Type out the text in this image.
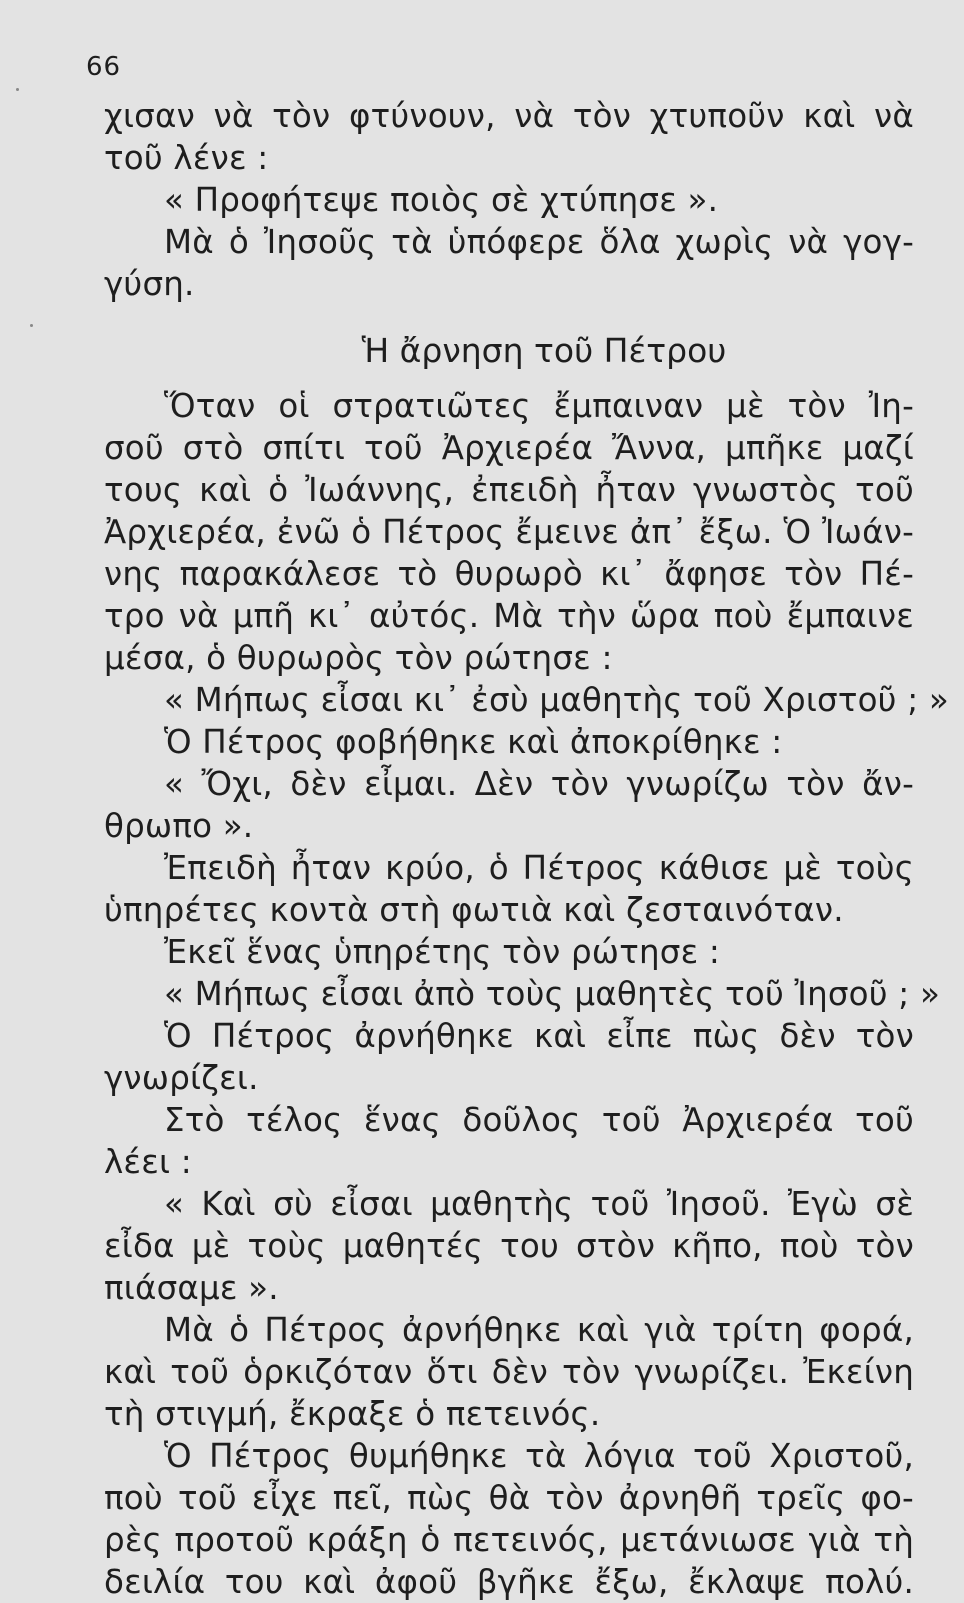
66
χισαν νὰ τὸν φτύνουν, νὰ τὸν χτυποῦν καὶ νὰ
τοῦ λένε :
« Προφήτεψε ποιὸς σὲ χτύπησε ».
Μὰ ὁ Ἰησοῦς τὰ ὑπόφερε ὅλα χωρὶς νὰ γογ-
γύση.
Ἡ ἄρνηση τοῦ Πέτρου
Ὅταν οἱ στρατιῶτες ἔμπαιναν μὲ τὸν Ἰη-
σοῦ στὸ σπίτι τοῦ Ἀρχιερέα Ἄννα, μπῆκε μαζί
τους καὶ ὁ Ἰωάννης, ἐπειδὴ ἦταν γνωστὸς τοῦ
Ἀρχιερέα, ἐνῶ ὁ Πέτρος ἔμεινε ἀπ᾽ ἔξω. Ὁ Ἰωάν-
νης παρακάλεσε τὸ θυρωρὸ κι᾽ ἄφησε τὸν Πέ-
τρο νὰ μπῆ κι᾽ αὐτός. Μὰ τὴν ὥρα ποὺ ἔμπαινε
μέσα, ὁ θυρωρὸς τὸν ρώτησε :
« Μήπως εἶσαι κι᾽ ἐσὺ μαθητὴς τοῦ Χριστοῦ ; »
Ὁ Πέτρος φοβήθηκε καὶ ἀποκρίθηκε :
« Ὄχι, δὲν εἶμαι. Δὲν τὸν γνωρίζω τὸν ἄν-
θρωπο ».
Ἐπειδὴ ἦταν κρύο, ὁ Πέτρος κάθισε μὲ τοὺς
ὑπηρέτες κοντὰ στὴ φωτιὰ καὶ ζεσταινόταν.
Ἐκεῖ ἕνας ὑπηρέτης τὸν ρώτησε :
« Μήπως εἶσαι ἀπὸ τοὺς μαθητὲς τοῦ Ἰησοῦ ; »
Ὁ Πέτρος ἀρνήθηκε καὶ εἶπε πὼς δὲν τὸν
γνωρίζει.
Στὸ τέλος ἕνας δοῦλος τοῦ Ἀρχιερέα τοῦ
λέει :
« Καὶ σὺ εἶσαι μαθητὴς τοῦ Ἰησοῦ. Ἐγὼ σὲ
εἶδα μὲ τοὺς μαθητές του στὸν κῆπο, ποὺ τὸν
πιάσαμε ».
Μὰ ὁ Πέτρος ἀρνήθηκε καὶ γιὰ τρίτη φορά,
καὶ τοῦ ὁρκιζόταν ὅτι δὲν τὸν γνωρίζει. Ἐκείνη
τὴ στιγμή, ἔκραξε ὁ πετεινός.
Ὁ Πέτρος θυμήθηκε τὰ λόγια τοῦ Χριστοῦ,
ποὺ τοῦ εἶχε πεῖ, πὼς θὰ τὸν ἀρνηθῆ τρεῖς φο-
ρὲς προτοῦ κράξη ὁ πετεινός, μετάνιωσε γιὰ τὴ
δειλία του καὶ ἀφοῦ βγῆκε ἔξω, ἔκλαψε πολύ.
